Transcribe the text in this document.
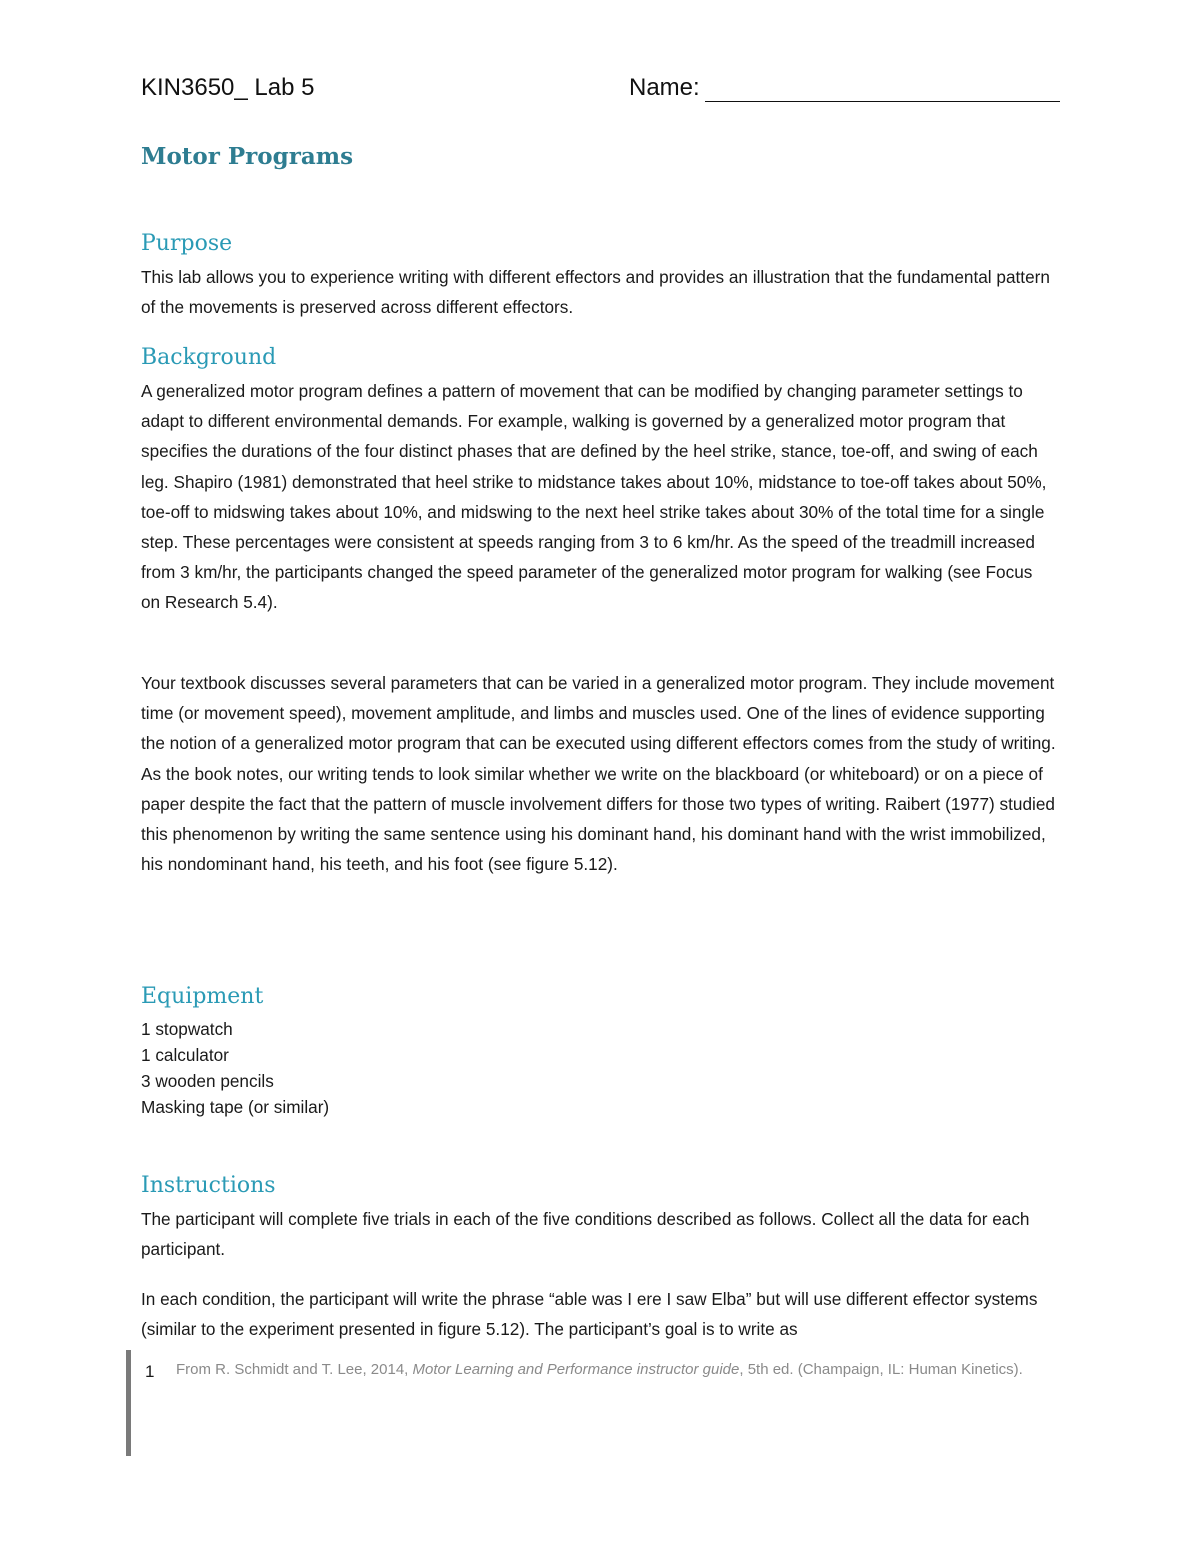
KIN3650_ Lab 5	Name:
Motor Programs
Purpose

This lab allows you to experience writing with different effectors and provides an illustration that the fundamental pattern of the movements is preserved across different effectors.

Background

A generalized motor program defines a pattern of movement that can be modified by changing parameter settings to adapt to different environmental demands. For example, walking is governed by a generalized motor program that specifies the durations of the four distinct phases that are defined by the heel strike, stance, toe-off, and swing of each leg. Shapiro (1981) demonstrated that heel strike to midstance takes about 10%, midstance to toe-off takes about 50%, toe-off to midswing takes about 10%, and midswing to the next heel strike takes about 30% of the total time for a single step. These percentages were consistent at speeds ranging from 3 to 6 km/hr. As the speed of the treadmill increased from 3 km/hr, the participants changed the speed parameter of the generalized motor program for walking (see Focus on Research 5.4).

Your textbook discusses several parameters that can be varied in a generalized motor program. They include movement time (or movement speed), movement amplitude, and limbs and muscles used. One of the lines of evidence supporting the notion of a generalized motor program that can be executed using different effectors comes from the study of writing. As the book notes, our writing tends to look similar whether we write on the blackboard (or whiteboard) or on a piece of paper despite the fact that the pattern of muscle involvement differs for those two types of writing. Raibert (1977) studied this phenomenon by writing the same sentence using his dominant hand, his dominant hand with the wrist immobilized, his nondominant hand, his teeth, and his foot (see figure 5.12).

Equipment
1 stopwatch
1 calculator
3 wooden pencils
Masking tape (or similar)
Instructions

The participant will complete five trials in each of the five conditions described as follows. Collect all the data for each participant.

In each condition, the participant will write the phrase “able was I ere I saw Elba” but will use different effector systems (similar to the experiment presented in figure 5.12). The participant’s goal is to write as

1 From R. Schmidt and T. Lee, 2014, Motor Learning and Performance instructor guide, 5th ed. (Champaign, IL: Human Kinetics).
